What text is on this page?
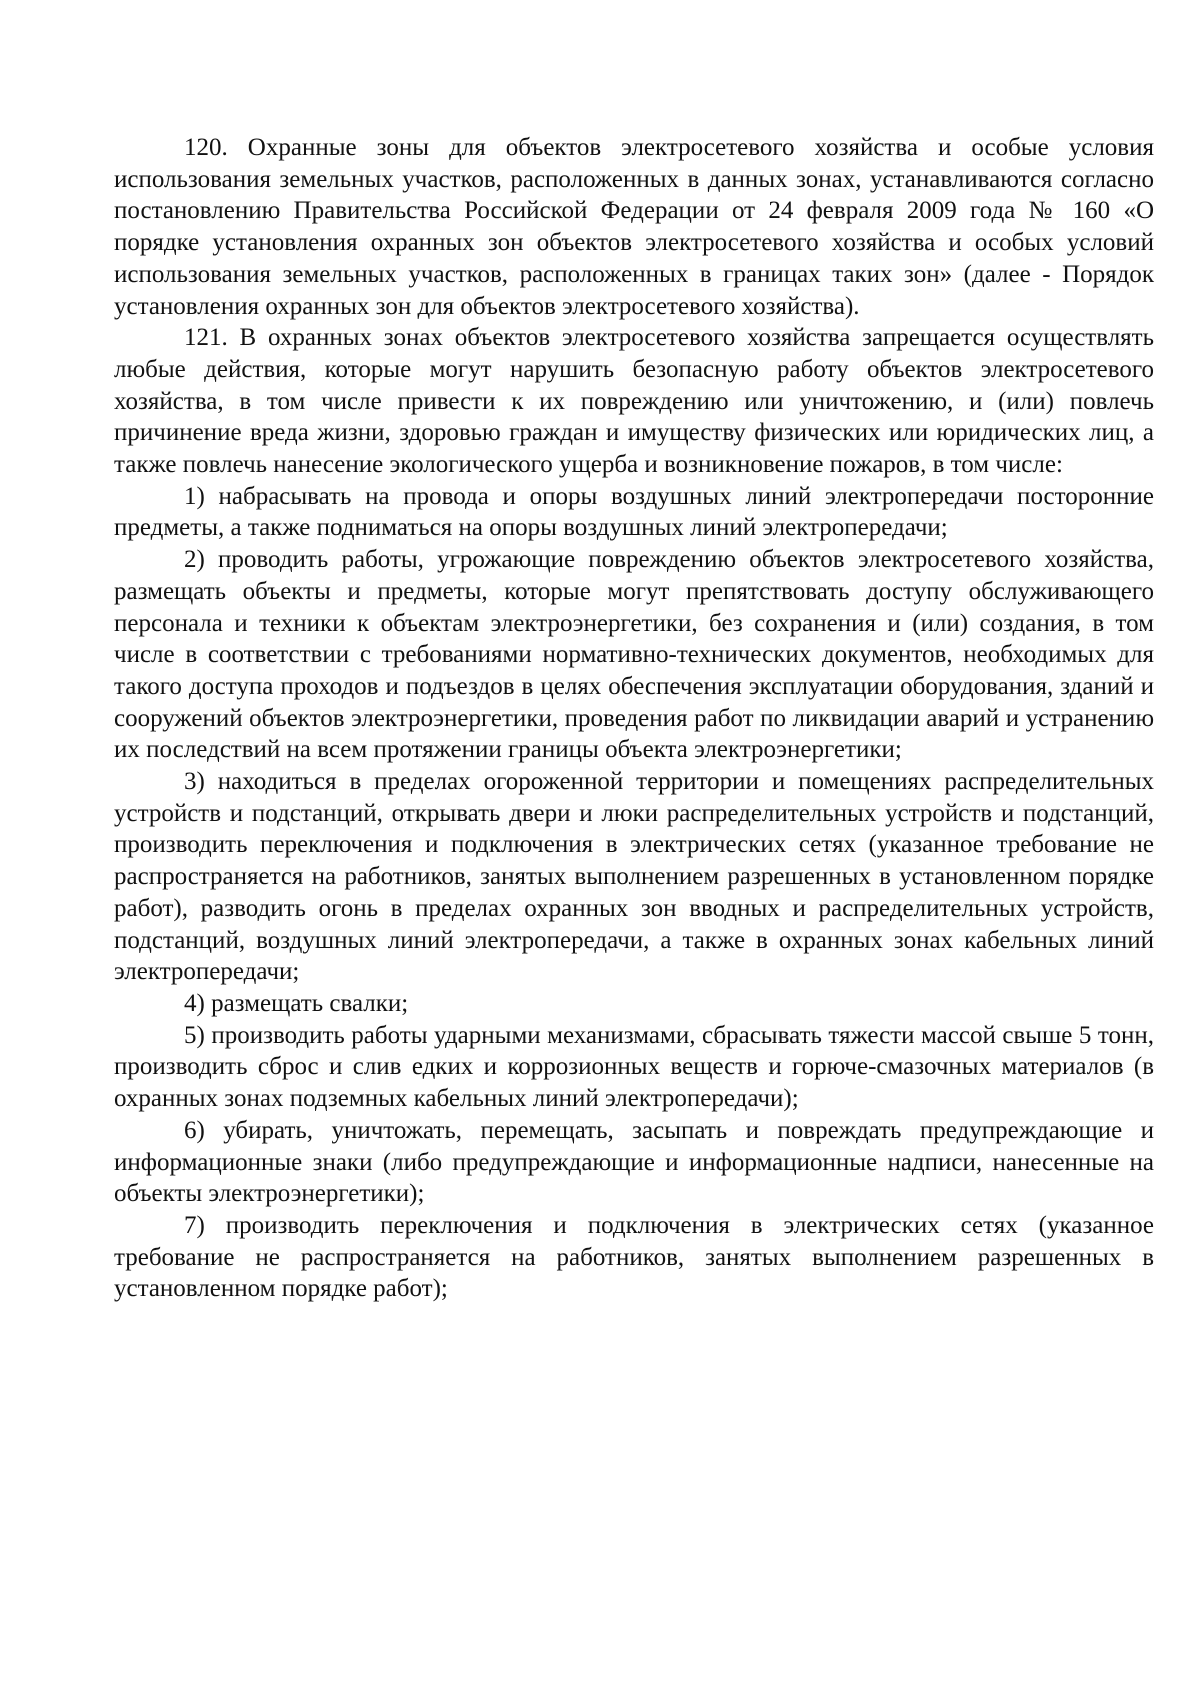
120. Охранные зоны для объектов электросетевого хозяйства и особые условия использования земельных участков, расположенных в данных зонах, устанавливаются согласно постановлению Правительства Российской Федерации от 24 февраля 2009 года № 160 «О порядке установления охранных зон объектов электросетевого хозяйства и особых условий использования земельных участков, расположенных в границах таких зон» (далее - Порядок установления охранных зон для объектов электросетевого хозяйства).

121. В охранных зонах объектов электросетевого хозяйства запрещается осуществлять любые действия, которые могут нарушить безопасную работу объектов электросетевого хозяйства, в том числе привести к их повреждению или уничтожению, и (или) повлечь причинение вреда жизни, здоровью граждан и имуществу физических или юридических лиц, а также повлечь нанесение экологического ущерба и возникновение пожаров, в том числе:

1) набрасывать на провода и опоры воздушных линий электропередачи посторонние предметы, а также подниматься на опоры воздушных линий электропередачи;

2) проводить работы, угрожающие повреждению объектов электросетевого хозяйства, размещать объекты и предметы, которые могут препятствовать доступу обслуживающего персонала и техники к объектам электроэнергетики, без сохранения и (или) создания, в том числе в соответствии с требованиями нормативно-технических документов, необходимых для такого доступа проходов и подъездов в целях обеспечения эксплуатации оборудования, зданий и сооружений объектов электроэнергетики, проведения работ по ликвидации аварий и устранению их последствий на всем протяжении границы объекта электроэнергетики;

3) находиться в пределах огороженной территории и помещениях распределительных устройств и подстанций, открывать двери и люки распределительных устройств и подстанций, производить переключения и подключения в электрических сетях (указанное требование не распространяется на работников, занятых выполнением разрешенных в установленном порядке работ), разводить огонь в пределах охранных зон вводных и распределительных устройств, подстанций, воздушных линий электропередачи, а также в охранных зонах кабельных линий электропередачи;

4) размещать свалки;

5) производить работы ударными механизмами, сбрасывать тяжести массой свыше 5 тонн, производить сброс и слив едких и коррозионных веществ и горюче-смазочных материалов (в охранных зонах подземных кабельных линий электропередачи);

6) убирать, уничтожать, перемещать, засыпать и повреждать предупреждающие и информационные знаки (либо предупреждающие и информационные надписи, нанесенные на объекты электроэнергетики);

7) производить переключения и подключения в электрических сетях (указанное требование не распространяется на работников, занятых выполнением разрешенных в установленном порядке работ);
